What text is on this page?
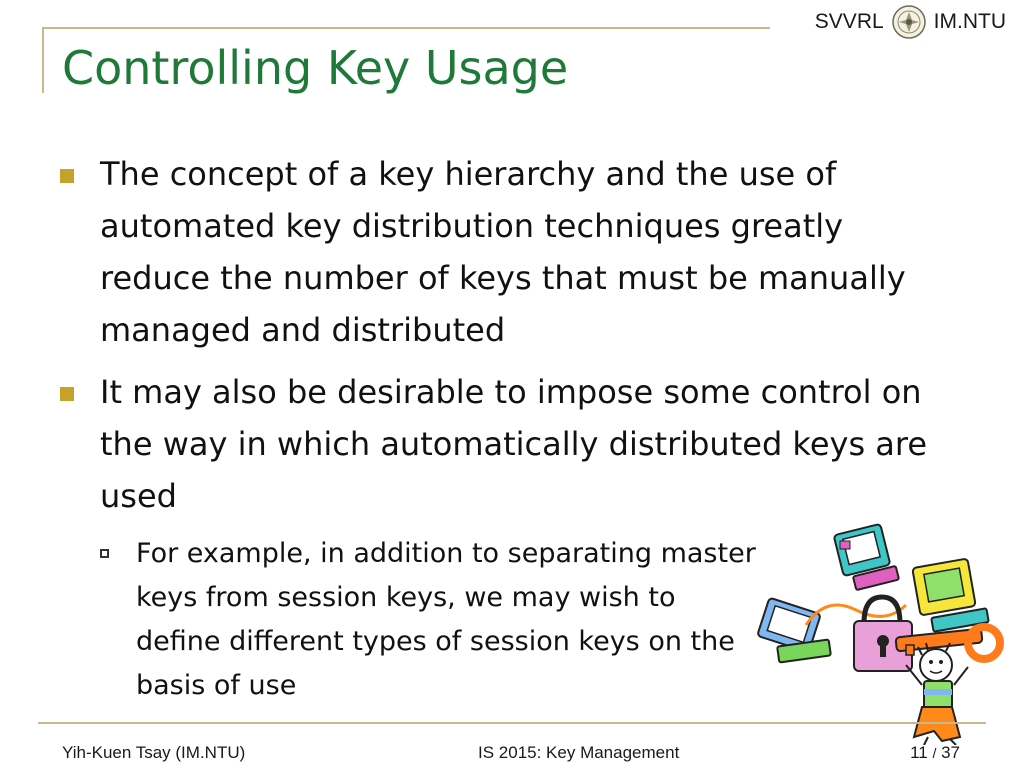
SVVRL IM.NTU
Controlling Key Usage
The concept of a key hierarchy and the use of automated key distribution techniques greatly reduce the number of keys that must be manually managed and distributed
It may also be desirable to impose some control on the way in which automatically distributed keys are used
For example, in addition to separating master keys from session keys, we may wish to define different types of session keys on the basis of use
Yih-Kuen Tsay (IM.NTU)	IS 2015: Key Management	11 / 37
